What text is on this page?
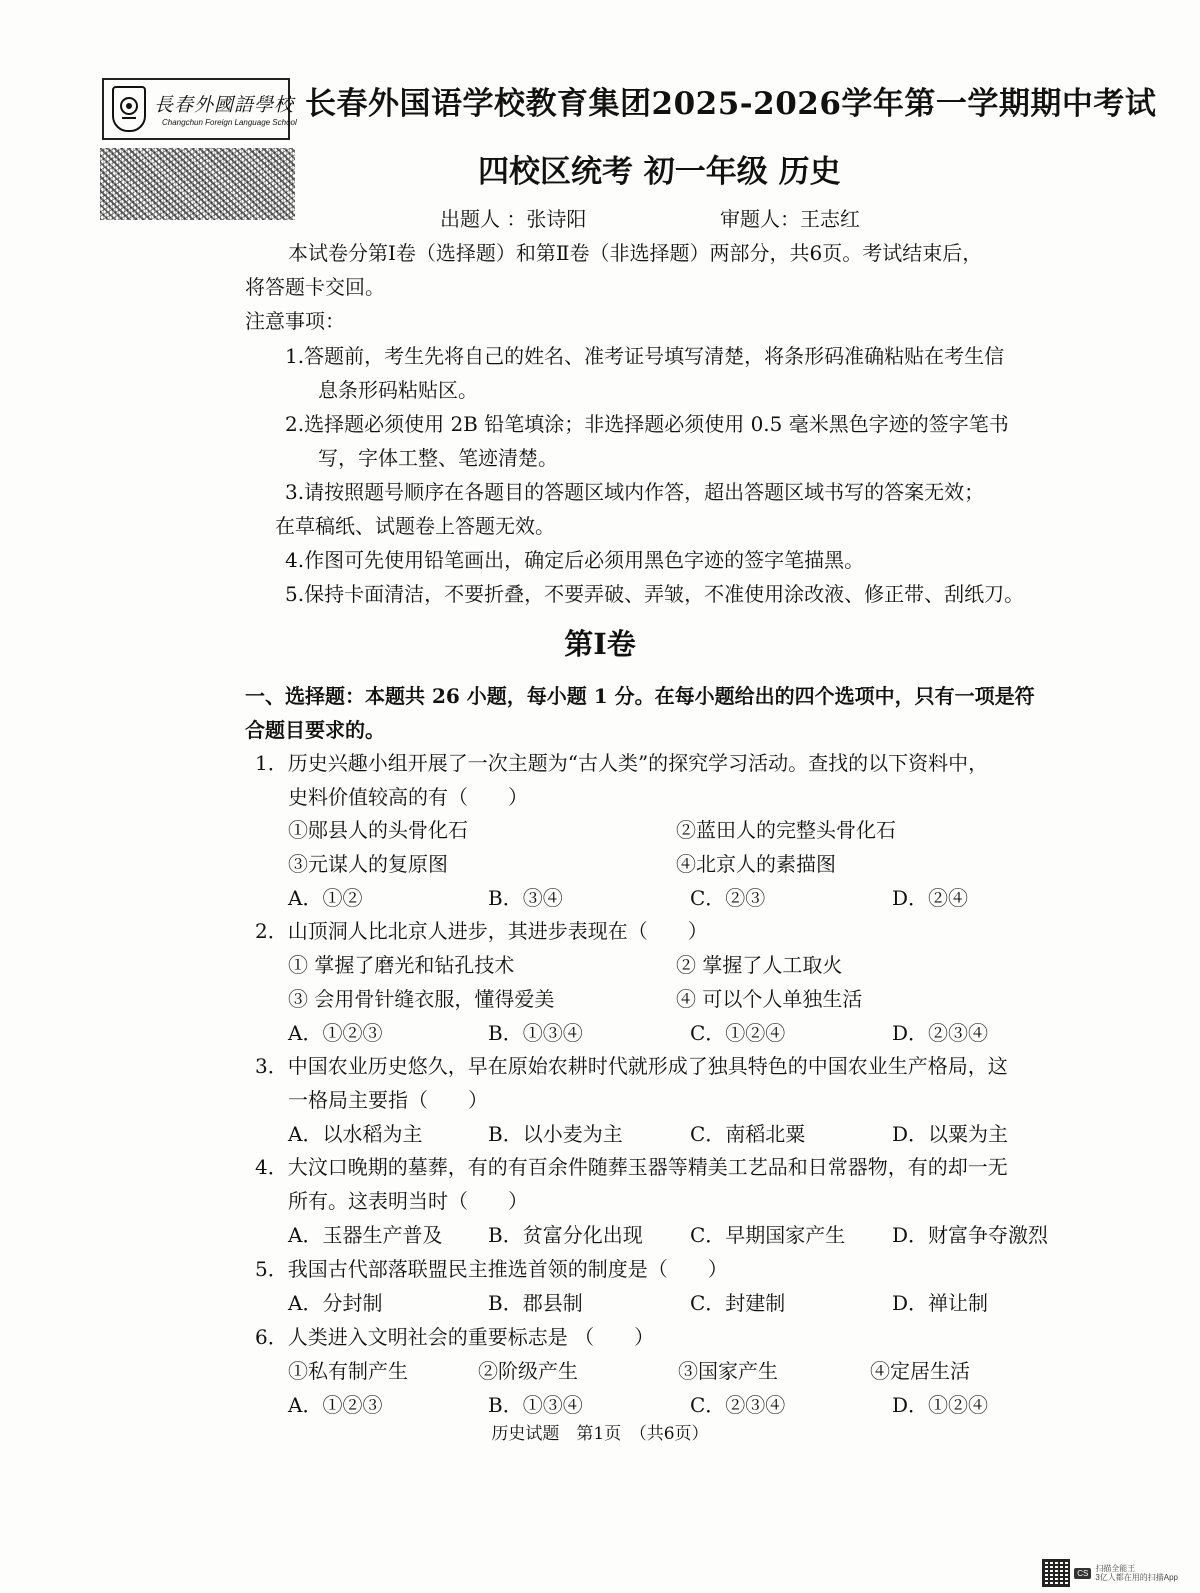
長春外國語學校
Changchun Foreign Language School
长春外国语学校教育集团2025-2026学年第一学期期中考试
四校区统考 初一年级 历史
出题人 ：张诗阳	审题人：王志红
本试卷分第Ⅰ卷（选择题）和第Ⅱ卷（非选择题）两部分，共6页。考试结束后，
将答题卡交回。
注意事项：
1.答题前，考生先将自己的姓名、准考证号填写清楚，将条形码准确粘贴在考生信
息条形码粘贴区。
2.选择题必须使用 2B 铅笔填涂；非选择题必须使用 0.5 毫米黑色字迹的签字笔书
写，字体工整、笔迹清楚。
3.请按照题号顺序在各题目的答题区域内作答，超出答题区域书写的答案无效；
在草稿纸、试题卷上答题无效。
4.作图可先使用铅笔画出，确定后必须用黑色字迹的签字笔描黑。
5.保持卡面清洁，不要折叠，不要弄破、弄皱，不准使用涂改液、修正带、刮纸刀。
第Ⅰ卷
一、选择题：本题共 26 小题，每小题 1 分。在每小题给出的四个选项中，只有一项是符
合题目要求的。
1．历史兴趣小组开展了一次主题为“古人类”的探究学习活动。查找的以下资料中，
史料价值较高的有（　　）
①郧县人的头骨化石	②蓝田人的完整头骨化石
③元谋人的复原图	④北京人的素描图
A．①②	B．③④	C．②③	D．②④
2．山顶洞人比北京人进步，其进步表现在（　　）
① 掌握了磨光和钻孔技术	② 掌握了人工取火
③ 会用骨针缝衣服，懂得爱美	④ 可以个人单独生活
A．①②③	B．①③④	C．①②④	D．②③④
3．中国农业历史悠久，早在原始农耕时代就形成了独具特色的中国农业生产格局，这
一格局主要指（　　）
A．以水稻为主	B．以小麦为主	C．南稻北粟	D．以粟为主
4．大汶口晚期的墓葬，有的有百余件随葬玉器等精美工艺品和日常器物，有的却一无
所有。这表明当时（　　）
A．玉器生产普及 B．贫富分化出现 C．早期国家产生 D．财富争夺激烈
5．我国古代部落联盟民主推选首领的制度是（　　）
A．分封制	B．郡县制	C．封建制	D．禅让制
6．人类进入文明社会的重要标志是 （　　）
①私有制产生	②阶级产生	③国家产生	④定居生活
A．①②③	B．①③④	C．②③④	D．①②④
历史试题　第1页　（共6页）
CS 扫描全能王
3亿人都在用的扫描App
